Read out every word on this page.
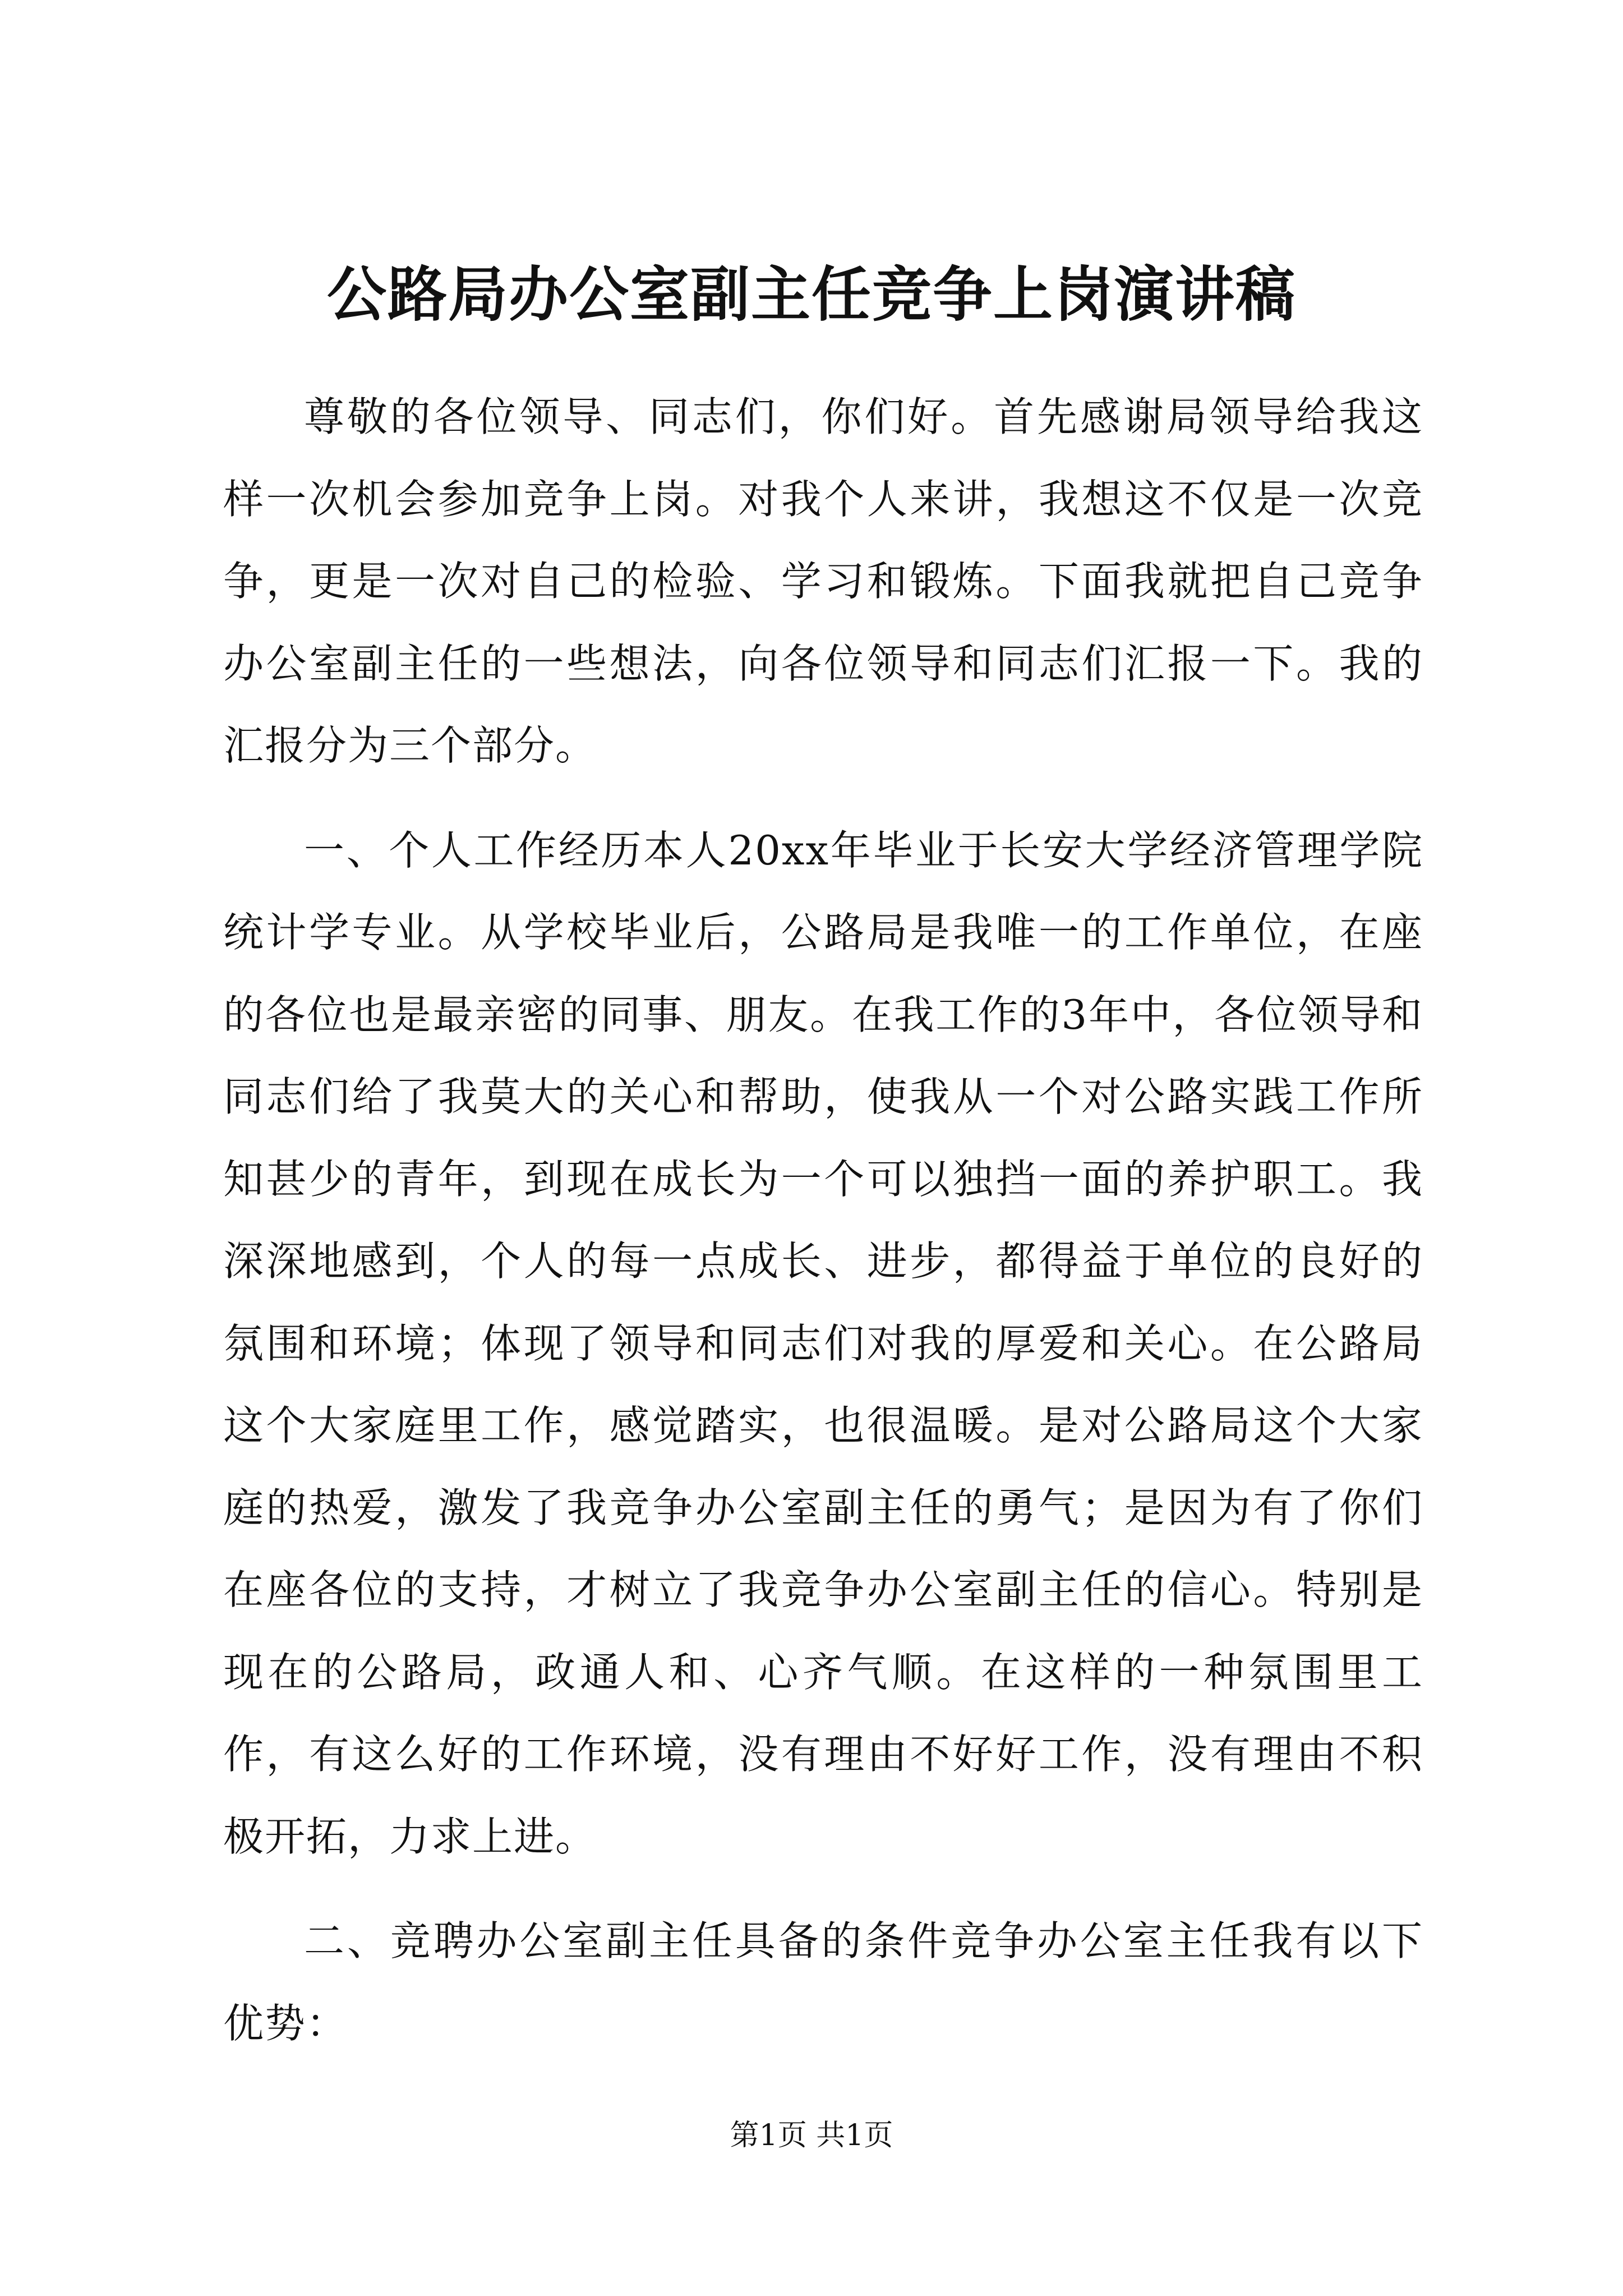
公路局办公室副主任竞争上岗演讲稿

尊敬的各位领导、同志们，你们好。首先感谢局领导给我这样一次机会参加竞争上岗。对我个人来讲，我想这不仅是一次竞争，更是一次对自己的检验、学习和锻炼。下面我就把自己竞争办公室副主任的一些想法，向各位领导和同志们汇报一下。我的汇报分为三个部分。

一、个人工作经历本人20xx年毕业于长安大学经济管理学院统计学专业。从学校毕业后，公路局是我唯一的工作单位，在座的各位也是最亲密的同事、朋友。在我工作的3年中，各位领导和同志们给了我莫大的关心和帮助，使我从一个对公路实践工作所知甚少的青年，到现在成长为一个可以独挡一面的养护职工。我深深地感到，个人的每一点成长、进步，都得益于单位的良好的氛围和环境；体现了领导和同志们对我的厚爱和关心。在公路局这个大家庭里工作，感觉踏实，也很温暖。是对公路局这个大家庭的热爱，激发了我竞争办公室副主任的勇气；是因为有了你们在座各位的支持，才树立了我竞争办公室副主任的信心。特别是现在的公路局，政通人和、心齐气顺。在这样的一种氛围里工作，有这么好的工作环境，没有理由不好好工作，没有理由不积极开拓，力求上进。

二、竞聘办公室副主任具备的条件竞争办公室主任我有以下优势：

第1页 共1页
